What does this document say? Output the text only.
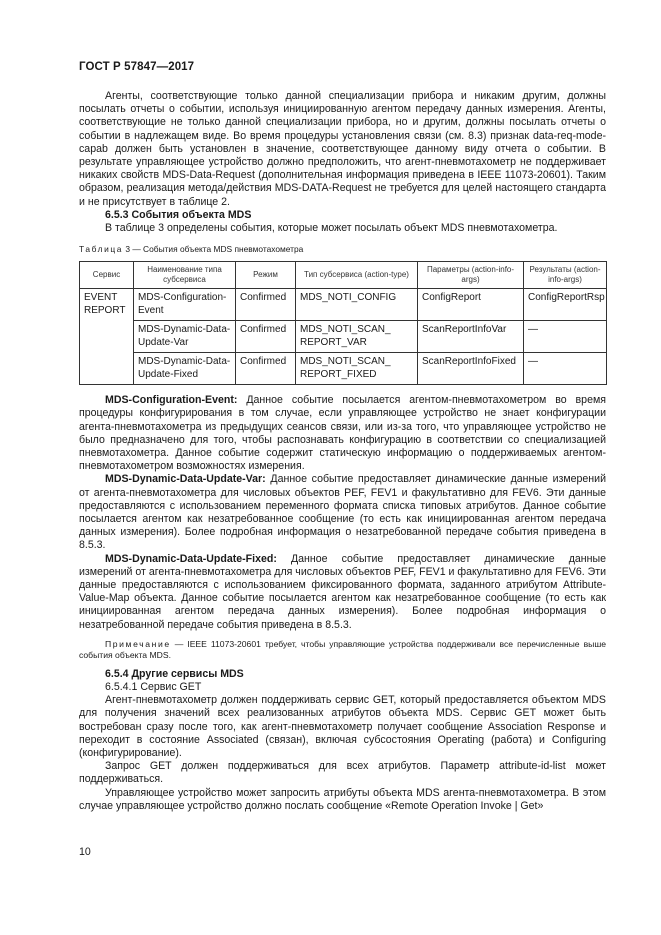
ГОСТ Р 57847—2017

Агенты, соответствующие только данной специализации прибора и никаким другим, должны посылать отчеты о событии, используя инициированную агентом передачу данных измерения. Агенты, соответствующие не только данной специализации прибора, но и другим, должны посылать отчеты о событии в надлежащем виде. Во время процедуры установления связи (см. 8.3) признак data-req-mode-capab должен быть установлен в значение, соответствующее данному виду отчета о событии. В результате управляющее устройство должно предположить, что агент-пневмотахометр не поддерживает никаких свойств MDS-Data-Request (дополнительная информация приведена в IEEE 11073-20601). Таким образом, реализация метода/действия MDS-DATA-Request не требуется для целей настоящего стандарта и не присутствует в таблице 2.

6.5.3 События объекта MDS

В таблице 3 определены события, которые может посылать объект MDS пневмотахометра.

Таблица 3 — События объекта MDS пневмотахометра
Сервис	Наименование типа субсервиса	Режим	Тип субсервиса (action-type)	Параметры (action-info-args)	Результаты (action-info-args)
EVENT REPORT	MDS-Configuration-Event	Confirmed	MDS_NOTI_CONFIG	ConfigReport	ConfigReportRsp
	MDS-Dynamic-Data-Update-Var	Confirmed	MDS_NOTI_SCAN_ REPORT_VAR	ScanReportInfoVar	—
	MDS-Dynamic-Data-Update-Fixed	Confirmed	MDS_NOTI_SCAN_ REPORT_FIXED	ScanReportInfoFixed	—

MDS-Configuration-Event: Данное событие посылается агентом-пневмотахометром во время процедуры конфигурирования в том случае, если управляющее устройство не знает конфигурации агента-пневмотахометра из предыдущих сеансов связи, или из-за того, что управляющее устройство не было предназначено для того, чтобы распознавать конфигурацию в соответствии со специализацией пневмотахометра. Данное событие содержит статическую информацию о поддерживаемых агентом-пневмотахометром возможностях измерения.

MDS-Dynamic-Data-Update-Var: Данное событие предоставляет динамические данные измерений от агента-пневмотахометра для числовых объектов PEF, FEV1 и факультативно для FEV6. Эти данные предоставляются с использованием переменного формата списка типовых атрибутов. Данное событие посылается агентом как незатребованное сообщение (то есть как инициированная агентом передача данных измерения). Более подробная информация о незатребованной передаче события приведена в 8.5.3.

MDS-Dynamic-Data-Update-Fixed: Данное событие предоставляет динамические данные измерений от агента-пневмотахометра для числовых объектов PEF, FEV1 и факультативно для FEV6. Эти данные предоставляются с использованием фиксированного формата, заданного атрибутом Attribute-Value-Map объекта. Данное событие посылается агентом как незатребованное сообщение (то есть как инициированная агентом передача данных измерения). Более подробная информация о незатребованной передаче события приведена в 8.5.3.

Примечание — IEEE 11073-20601 требует, чтобы управляющие устройства поддерживали все перечисленные выше события объекта MDS.

6.5.4 Другие сервисы MDS
6.5.4.1 Сервис GET

Агент-пневмотахометр должен поддерживать сервис GET, который предоставляется объектом MDS для получения значений всех реализованных атрибутов объекта MDS. Сервис GET может быть востребован сразу после того, как агент-пневмотахометр получает сообщение Association Response и переходит в состояние Associated (связан), включая субсостояния Operating (работа) и Configuring (конфигурирование).

Запрос GET должен поддерживаться для всех атрибутов. Параметр attribute-id-list может поддерживаться.

Управляющее устройство может запросить атрибуты объекта MDS агента-пневмотахометра. В этом случае управляющее устройство должно послать сообщение «Remote Operation Invoke | Get»

10
